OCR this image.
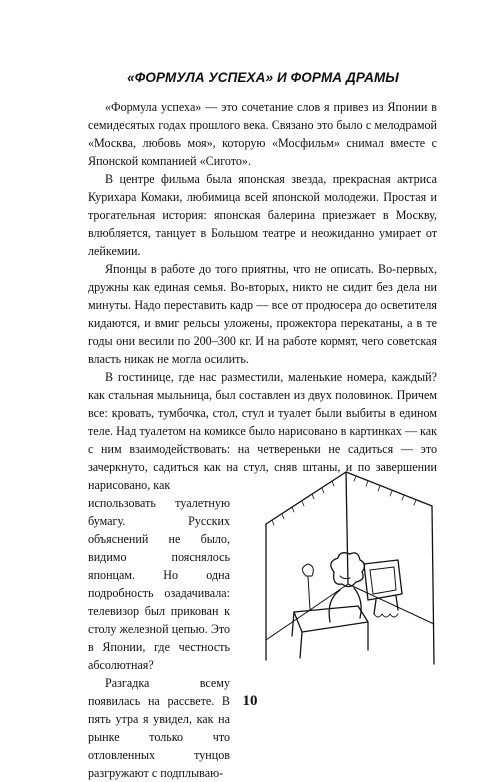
«ФОРМУЛА УСПЕХА» И ФОРМА ДРАМЫ

«Формула успеха» — это сочетание слов я привез из Японии в семидесятых годах прошлого века. Связано это было с мелодрамой «Москва, любовь моя», которую «Мосфильм» снимал вместе с Японской компанией «Сигото».

В центре фильма была японская звезда, прекрасная актриса Курихара Комаки, любимица всей японской молодежи. Простая и трогательная история: японская балерина приезжает в Москву, влюбляется, танцует в Большом театре и неожиданно умирает от лейкемии.

Японцы в работе до того приятны, что не описать. Во-первых, дружны как единая семья. Во-вторых, никто не сидит без дела ни минуты. Надо переставить кадр — все от продюсера до осветителя кидаются, и вмиг рельсы уложены, прожектора перекатаны, а в те годы они весили по 200–300 кг. И на работе кормят, чего советская власть никак не могла осилить.

В гостинице, где нас разместили, маленькие номера, каждый? как стальная мыльница, был составлен из двух половинок. Причем все: кровать, тумбочка, стол, стул и туалет были выбиты в едином теле. Над туалетом на комиксе было нарисовано в картинках — как с ним взаимодействовать: на четвереньки не садиться — это зачеркнуто, садиться как на стул, сняв штаны, и по завершении нарисовано, как

использовать туалетную бумагу. Русских объяснений не было, видимо пояснялось японцам. Но одна подробность озадачивала: телевизор был прикован к столу железной цепью. Это в Японии, где честность абсолютная?

Разгадка всему появилась на рассвете. В пять утра я увидел, как на рынке только что отловленных тунцов разгружают с подплываю-

10
